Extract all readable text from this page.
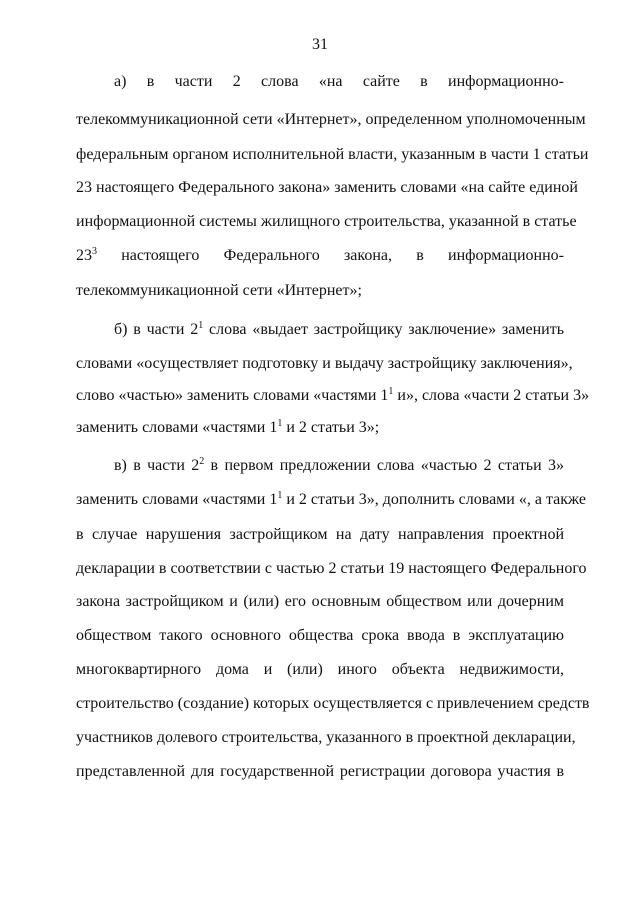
31
а) в части 2 слова «на сайте в информационно-
телекоммуникационной сети «Интернет», определенном уполномоченным
федеральным органом исполнительной власти, указанным в части 1 статьи
23 настоящего Федерального закона» заменить словами «на сайте единой
информационной системы жилищного строительства, указанной в статье
$23^3$ настоящего Федерального закона, в информационно-
телекоммуникационной сети «Интернет»;
б) в части $2^1$ слова «выдает застройщику заключение» заменить
словами «осуществляет подготовку и выдачу застройщику заключения»,
слово «частью» заменить словами «частями $1^1$ и», слова «части 2 статьи 3»
заменить словами «частями $1^1$ и 2 статьи 3»;
в) в части $2^2$ в первом предложении слова «частью 2 статьи 3»
заменить словами «частями $1^1$ и 2 статьи 3», дополнить словами «, а также
в случае нарушения застройщиком на дату направления проектной
декларации в соответствии с частью 2 статьи 19 настоящего Федерального
закона застройщиком и (или) его основным обществом или дочерним
обществом такого основного общества срока ввода в эксплуатацию
многоквартирного дома и (или) иного объекта недвижимости,
строительство (создание) которых осуществляется с привлечением средств
участников долевого строительства, указанного в проектной декларации,
представленной для государственной регистрации договора участия в
